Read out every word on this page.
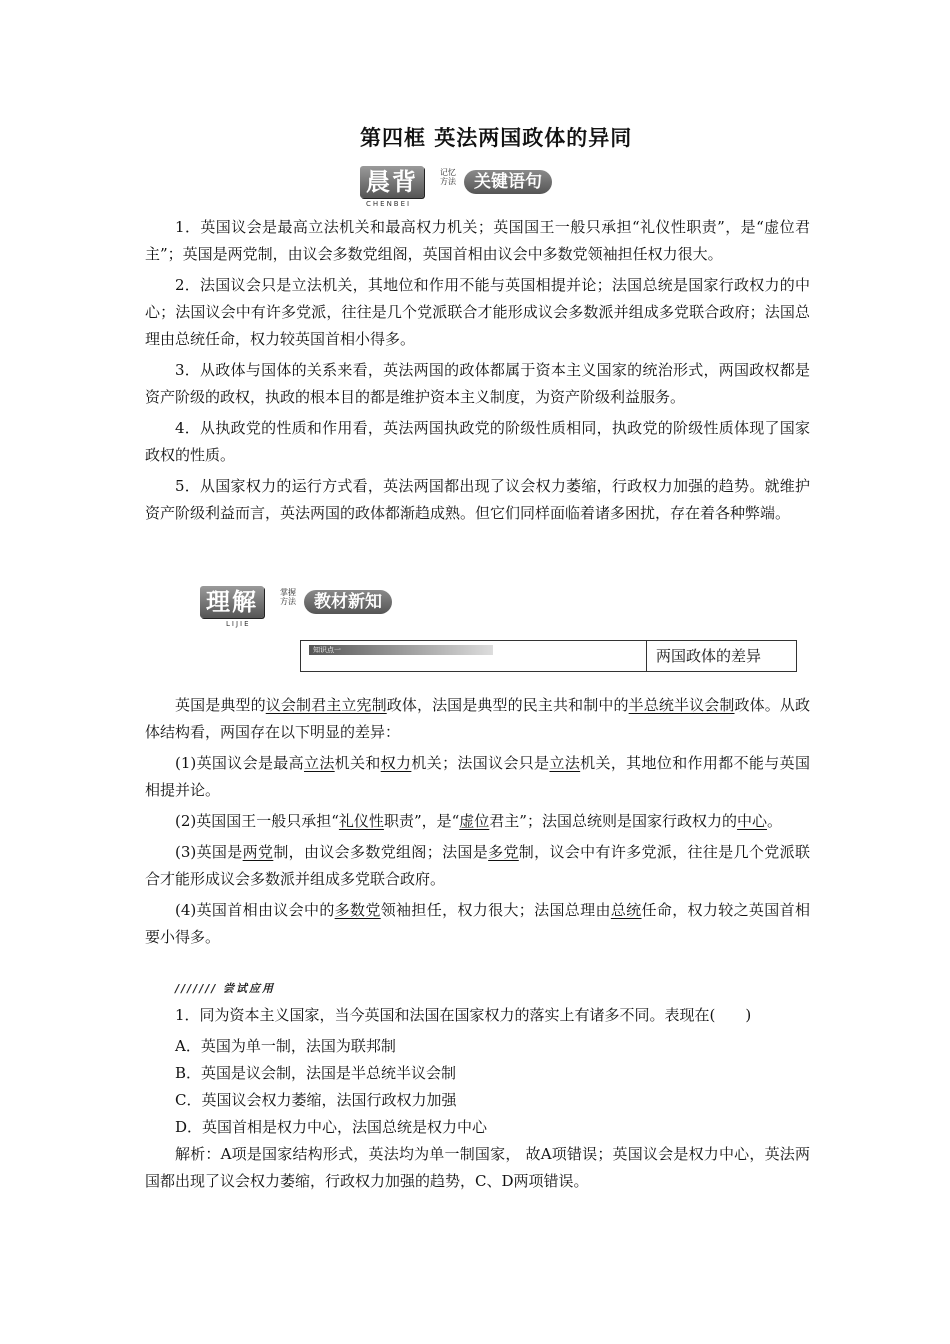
第四框 英法两国政体的异同
晨背
CHENBEI
记忆方法	关键语句

1．英国议会是最高立法机关和最高权力机关；英国国王一般只承担“礼仪性职责”，是“虚位君主”；英国是两党制，由议会多数党组阁，英国首相由议会中多数党领袖担任权力很大。

2．法国议会只是立法机关，其地位和作用不能与英国相提并论；法国总统是国家行政权力的中心；法国议会中有许多党派，往往是几个党派联合才能形成议会多数派并组成多党联合政府；法国总理由总统任命，权力较英国首相小得多。

3．从政体与国体的关系来看，英法两国的政体都属于资本主义国家的统治形式，两国政权都是资产阶级的政权，执政的根本目的都是维护资本主义制度，为资产阶级利益服务。

4．从执政党的性质和作用看，英法两国执政党的阶级性质相同，执政党的阶级性质体现了国家政权的性质。

5．从国家权力的运行方式看，英法两国都出现了议会权力萎缩，行政权力加强的趋势。就维护资产阶级利益而言，英法两国的政体都渐趋成熟。但它们同样面临着诸多困扰，存在着各种弊端。

理解
LIJIE
掌握方法	教材新知
知识点一	两国政体的差异

英国是典型的议会制君主立宪制政体，法国是典型的民主共和制中的半总统半议会制政体。从政体结构看，两国存在以下明显的差异：

(1)英国议会是最高立法机关和权力机关；法国议会只是立法机关，其地位和作用都不能与英国相提并论。

(2)英国国王一般只承担“礼仪性职责”，是“虚位君主”；法国总统则是国家行政权力的中心。

(3)英国是两党制，由议会多数党组阁；法国是多党制，议会中有许多党派，往往是几个党派联合才能形成议会多数派并组成多党联合政府。

(4)英国首相由议会中的多数党领袖担任，权力很大；法国总理由总统任命，权力较之英国首相要小得多。

/////// 尝试应用

1．同为资本主义国家，当今英国和法国在国家权力的落实上有诸多不同。表现在(　　)

A．英国为单一制，法国为联邦制

B．英国是议会制，法国是半总统半议会制

C．英国议会权力萎缩，法国行政权力加强

D．英国首相是权力中心，法国总统是权力中心

解析：A项是国家结构形式，英法均为单一制国家， 故A项错误；英国议会是权力中心，英法两国都出现了议会权力萎缩，行政权力加强的趋势，C、D两项错误。
